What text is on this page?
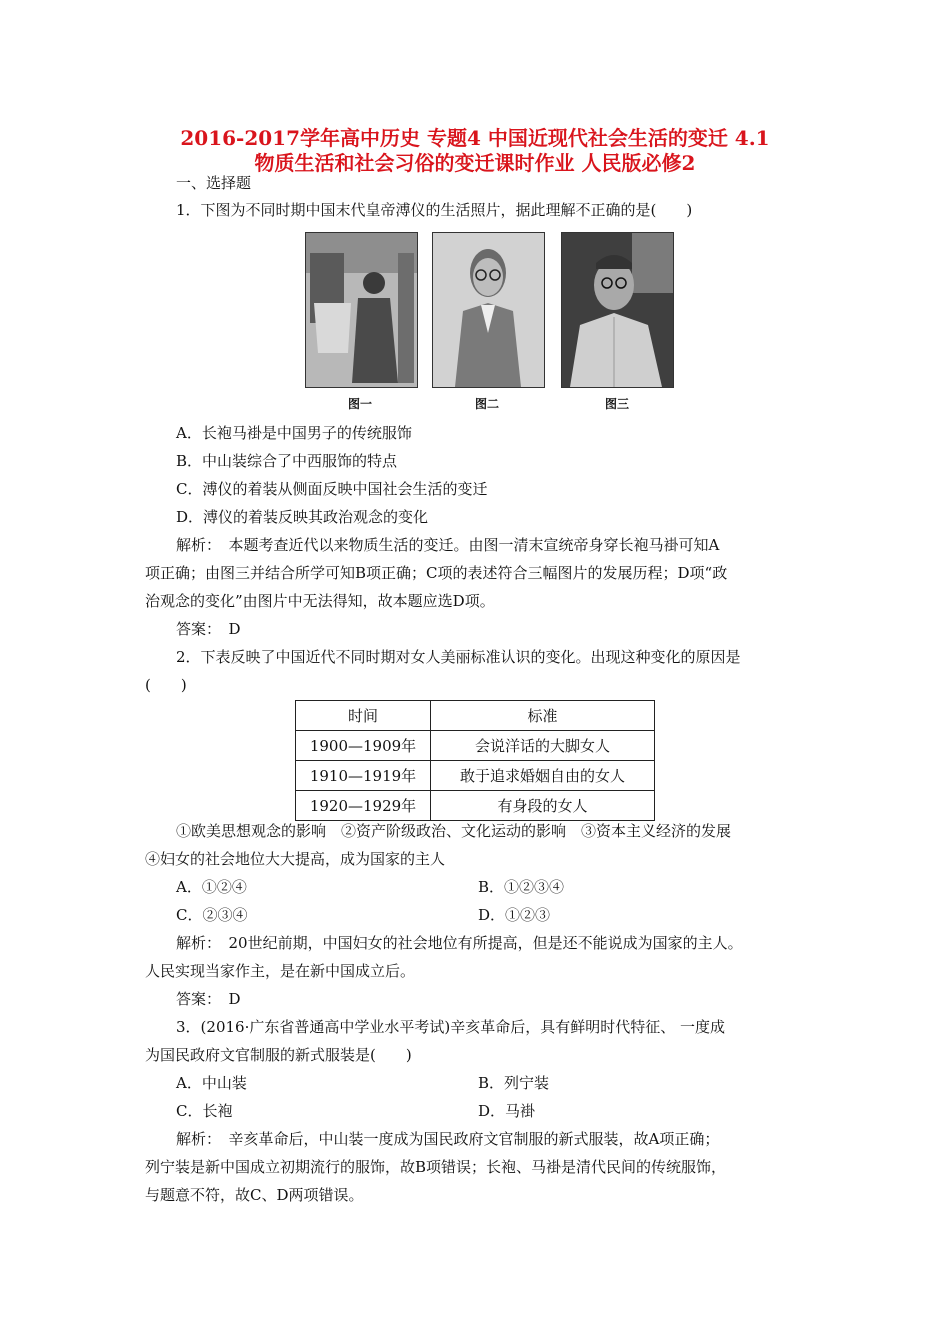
2016-2017学年高中历史 专题4 中国近现代社会生活的变迁 4.1
物质生活和社会习俗的变迁课时作业 人民版必修2
一、选择题
1．下图为不同时期中国末代皇帝溥仪的生活照片，据此理解不正确的是(　　)
图一	图二	图三
A．长袍马褂是中国男子的传统服饰
B．中山装综合了中西服饰的特点
C．溥仪的着装从侧面反映中国社会生活的变迁
D．溥仪的着装反映其政治观念的变化
解析：　本题考查近代以来物质生活的变迁。由图一清末宣统帝身穿长袍马褂可知A
项正确；由图三并结合所学可知B项正确；C项的表述符合三幅图片的发展历程；D项“政
治观念的变化”由图片中无法得知，故本题应选D项。
答案：　D
2．下表反映了中国近代不同时期对女人美丽标准认识的变化。出现这种变化的原因是
(　　)
时间	标准
1900—1909年	会说洋话的大脚女人
1910—1919年	敢于追求婚姻自由的女人
1920—1929年	有身段的女人
①欧美思想观念的影响　②资产阶级政治、文化运动的影响　③资本主义经济的发展
④妇女的社会地位大大提高，成为国家的主人
A．①②④	B．①②③④
C．②③④	D．①②③
解析：　20世纪前期，中国妇女的社会地位有所提高，但是还不能说成为国家的主人。
人民实现当家作主，是在新中国成立后。
答案：　D
3．(2016·广东省普通高中学业水平考试)辛亥革命后，具有鲜明时代特征、 一度成
为国民政府文官制服的新式服装是(　　)
A．中山装	B．列宁装
C．长袍	D．马褂
解析：　辛亥革命后，中山装一度成为国民政府文官制服的新式服装，故A项正确；
列宁装是新中国成立初期流行的服饰，故B项错误；长袍、马褂是清代民间的传统服饰，
与题意不符，故C、D两项错误。
